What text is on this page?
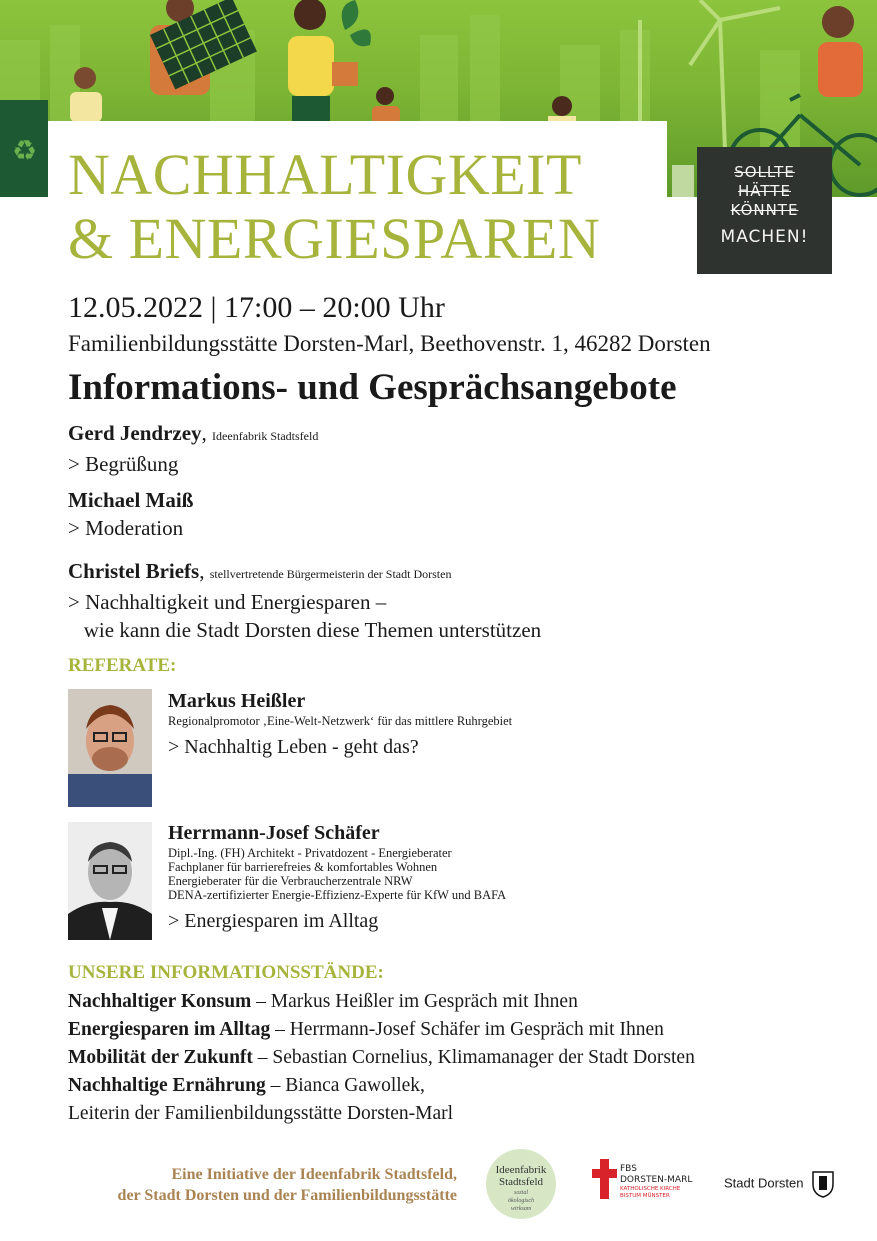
♻ NACHHALTIGKEIT
& ENERGIESPAREN
SOLLTE
HÄTTE
KÖNNTE
MACHEN!

12.05.2022 | 17:00 – 20:00 Uhr

Familienbildungsstätte Dorsten-Marl, Beethovenstr. 1, 46282 Dorsten
Informations- und Gesprächsangebote
Gerd Jendrzey, Ideenfabrik Stadtsfeld
> Begrüßung
Michael Maiß
> Moderation
Christel Briefs, stellvertretende Bürgermeisterin der Stadt Dorsten
> Nachhaltigkeit und Energiesparen –
wie kann die Stadt Dorsten diese Themen unterstützen
REFERATE:
Markus Heißler
Regionalpromotor ‚Eine-Welt-Netzwerk‘ für das mittlere Ruhrgebiet
> Nachhaltig Leben - geht das?
Herrmann-Josef Schäfer
Dipl.-Ing. (FH) Architekt - Privatdozent - Energieberater
Fachplaner für barrierefreies & komfortables Wohnen
Energieberater für die Verbraucherzentrale NRW
DENA-zertifizierter Energie-Effizienz-Experte für KfW und BAFA
> Energiesparen im Alltag
UNSERE INFORMATIONSSTÄNDE:
Nachhaltiger Konsum – Markus Heißler im Gespräch mit Ihnen
Energiesparen im Alltag – Herrmann-Josef Schäfer im Gespräch mit Ihnen
Mobilität der Zukunft – Sebastian Cornelius, Klimamanager der Stadt Dorsten
Nachhaltige Ernährung – Bianca Gawollek,
Leiterin der Familienbildungsstätte Dorsten-Marl
Eine Initiative der Ideenfabrik Stadtsfeld,
der Stadt Dorsten und der Familienbildungsstätte
Ideenfabrik
Stadtsfeld
sozial
ökologisch
wirksam
FBS
DORSTEN-MARL
KATHOLISCHE KIRCHE
BISTUM MÜNSTER
Stadt Dorsten
